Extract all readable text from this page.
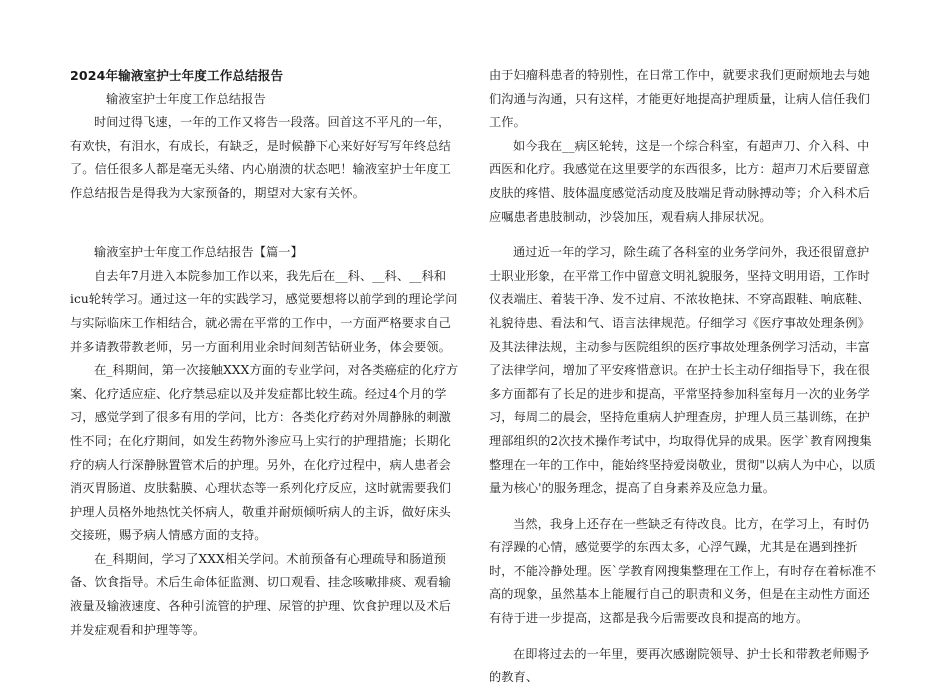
2024年输液室护士年度工作总结报告

输液室护士年度工作总结报告

时间过得飞速，一年的工作又将告一段落。回首这不平凡的一年，有欢快，有泪水，有成长，有缺乏，是时候静下心来好好写写年终总结了。信任很多人都是毫无头绪、内心崩溃的状态吧！输液室护士年度工作总结报告是得我为大家预备的，期望对大家有关怀。

输液室护士年度工作总结报告【篇一】

自去年7月进入本院参加工作以来，我先后在__科、__科、__科和icu轮转学习。通过这一年的实践学习，感觉要想将以前学到的理论学问与实际临床工作相结合，就必需在平常的工作中，一方面严格要求自己并多请教带教老师，另一方面利用业余时间刻苦钻研业务，体会要领。

在_科期间，第一次接触XXX方面的专业学问，对各类癌症的化疗方案、化疗适应症、化疗禁忌症以及并发症都比较生疏。经过4个月的学习，感觉学到了很多有用的学问，比方：各类化疗药对外周静脉的刺激性不同；在化疗期间，如发生药物外渗应马上实行的护理措施；长期化疗的病人行深静脉置管术后的护理。另外，在化疗过程中，病人患者会消灭胃肠道、皮肤黏膜、心理状态等一系列化疗反应，这时就需要我们护理人员格外地热忱关怀病人，敬重并耐烦倾听病人的主诉，做好床头交接班，赐予病人情感方面的支持。

在_科期间，学习了XXX相关学问。术前预备有心理疏导和肠道预备、饮食指导。术后生命体征监测、切口观看、挂念咳嗽排痰、观看输液量及输液速度、各种引流管的护理、尿管的护理、饮食护理以及术后并发症观看和护理等等。

由于妇瘤科患者的特别性，在日常工作中，就要求我们更耐烦地去与她们沟通与沟通，只有这样，才能更好地提高护理质量，让病人信任我们工作。

如今我在__病区轮转，这是一个综合科室，有超声刀、介入科、中西医和化疗。我感觉在这里要学的东西很多，比方：超声刀术后要留意皮肤的疼惜、肢体温度感觉活动度及肢端足背动脉搏动等；介入科术后应嘱患者患肢制动，沙袋加压，观看病人排尿状况。

通过近一年的学习，除生疏了各科室的业务学问外，我还很留意护士职业形象，在平常工作中留意文明礼貌服务，坚持文明用语，工作时仪表端庄、着装干净、发不过肩、不浓妆艳抹、不穿高跟鞋、响底鞋、礼貌待患、看法和气、语言法律规范。仔细学习《医疗事故处理条例》及其法律法规，主动参与医院组织的医疗事故处理条例学习活动，丰富了法律学问，增加了平安疼惜意识。在护士长主动仔细指导下，我在很多方面都有了长足的进步和提高，平常坚持参加科室每月一次的业务学习，每周二的晨会，坚持危重病人护理查房，护理人员三基训练，在护理部组织的2次技术操作考试中，均取得优异的成果。医学`教育网搜集整理在一年的工作中，能始终坚持爱岗敬业，贯彻"以病人为中心，以质量为核心'的服务理念，提高了自身素养及应急力量。

当然，我身上还存在一些缺乏有待改良。比方，在学习上，有时仍有浮躁的心情，感觉要学的东西太多，心浮气躁，尤其是在遇到挫折时，不能冷静处理。医`学教育网搜集整理在工作上，有时存在着标准不高的现象，虽然基本上能履行自己的职责和义务，但是在主动性方面还有待于进一步提高，这都是我今后需要改良和提高的地方。

在即将过去的一年里，要再次感谢院领导、护士长和带教老师赐予的教育、
